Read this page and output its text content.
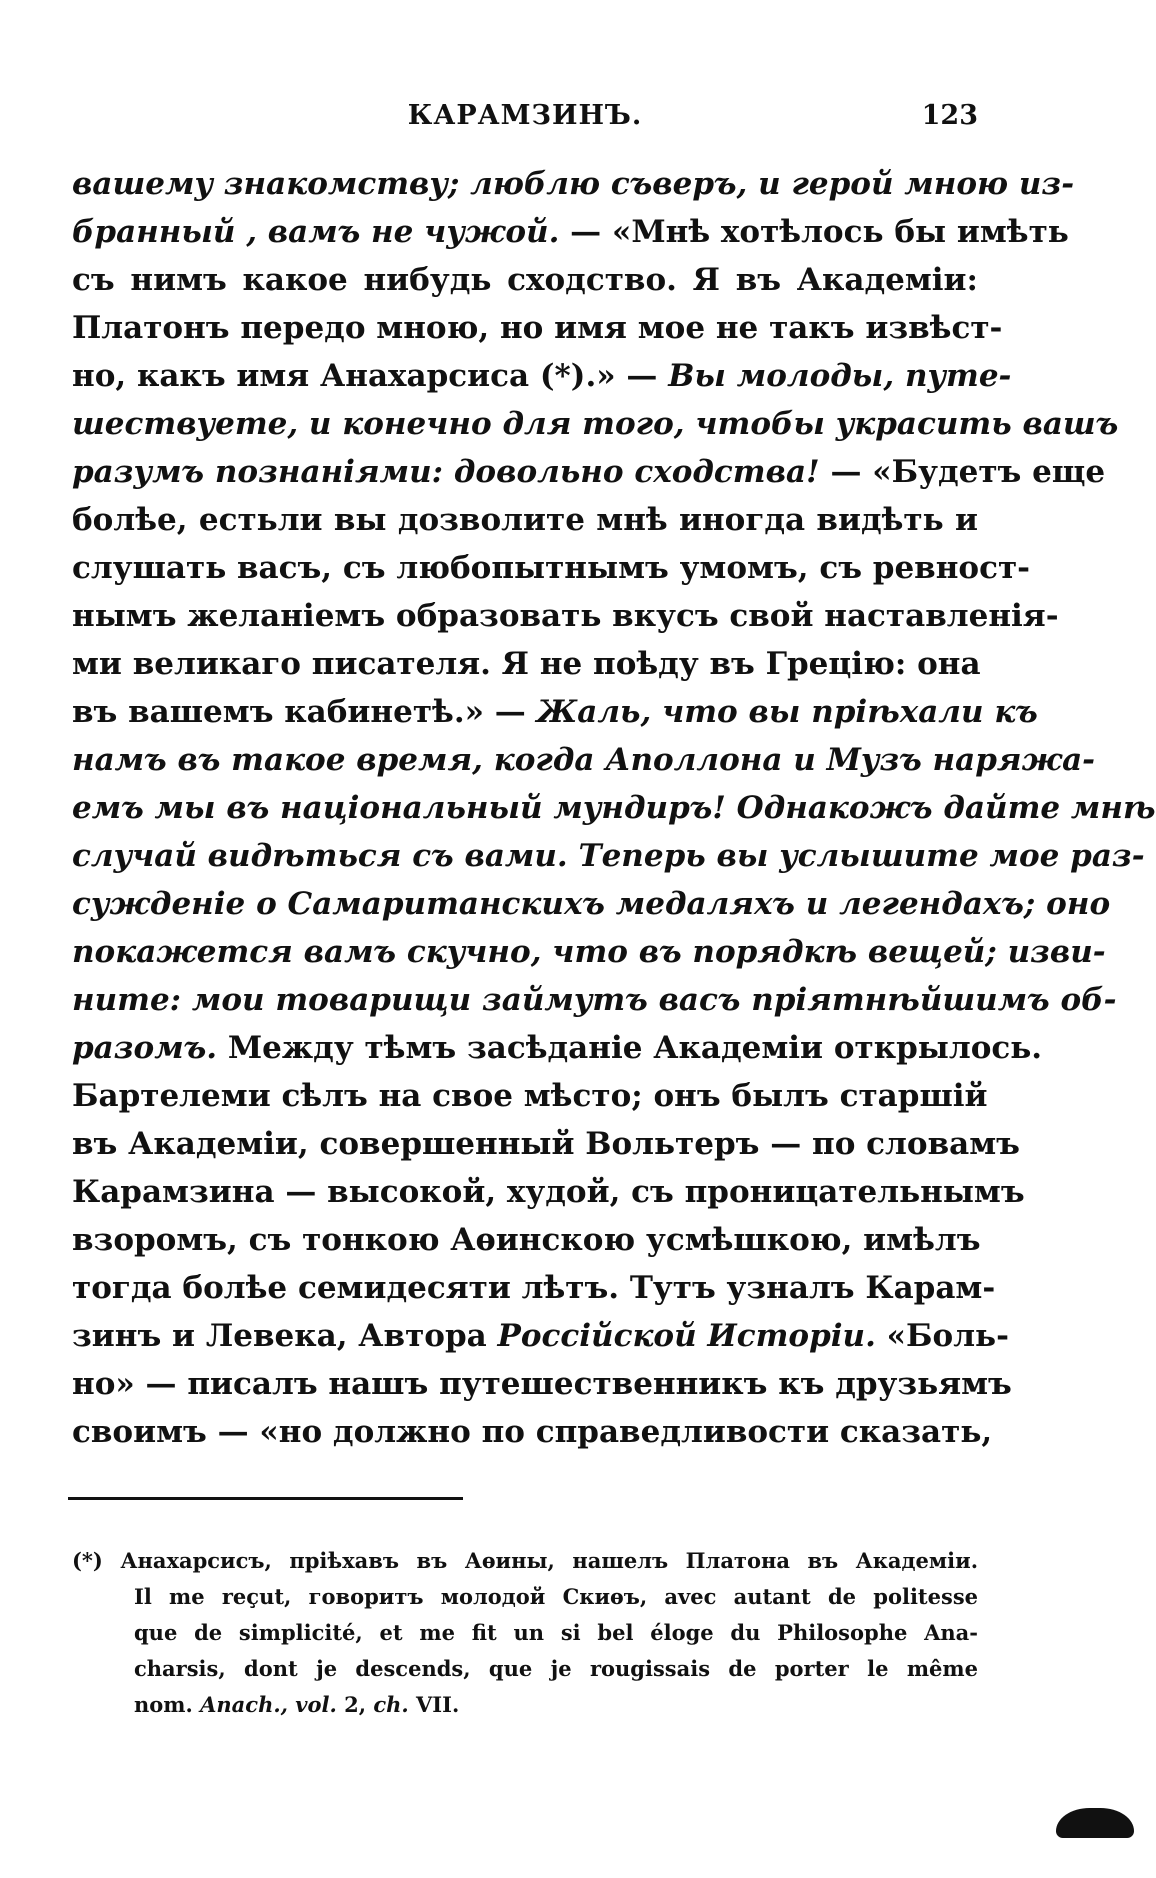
КАРАМЗИНЪ.	123
вашему знакомству; люблю съверъ, и герой мною из-
бранный , вамъ не чужой. — «Мнѣ хотѣлось бы имѣть
съ нимъ какое нибудь сходство. Я въ Академіи:
Платонъ передо мною, но имя мое не такъ извѣст-
но, какъ имя Анахарсиса (*).» — Вы молоды, путе-
шествуете, и конечно для того, чтобы украсить вашъ
разумъ познаніями: довольно сходства! — «Будетъ еще
болѣе, естьли вы дозволите мнѣ иногда видѣть и
слушать васъ, съ любопытнымъ умомъ, съ ревност-
нымъ желаніемъ образовать вкусъ свой наставленія-
ми великаго писателя. Я не поѣду въ Грецію: она
въ вашемъ кабинетѣ.» — Жаль, что вы пріѣхали къ
намъ въ такое время, когда Аполлона и Музъ наряжа-
емъ мы въ національный мундиръ! Однакожъ дайте мнѣ
случай видѣться съ вами. Теперь вы услышите мое раз-
сужденіе о Самаританскихъ медаляхъ и легендахъ; оно
покажется вамъ скучно, что въ порядкѣ вещей; изви-
ните: мои товарищи займутъ васъ пріятнѣйшимъ об-
разомъ. Между тѣмъ засѣданіе Академіи открылось.
Бартелеми сѣлъ на свое мѣсто; онъ былъ старшій
въ Академіи, совершенный Вольтеръ — по словамъ
Карамзина — высокой, худой, съ проницательнымъ
взоромъ, съ тонкою Аѳинскою усмѣшкою, имѣлъ
тогда болѣе семидесяти лѣтъ. Тутъ узналъ Карам-
зинъ и Левека, Автора Россійской Исторіи. «Боль-
но» — писалъ нашъ путешественникъ къ друзьямъ
своимъ — «но должно по справедливости сказать,
(*) Анахарсисъ, пріѣхавъ въ Аѳины, нашелъ Платона въ Академіи.
Il me reçut, говоритъ молодой Скиѳъ, avec autant de politesse
que de simplicité, et me fit un si bel éloge du Philosophe Ana-
charsis, dont je descends, que je rougissais de porter le même
nom. Anach., vol. 2, ch. VII.
